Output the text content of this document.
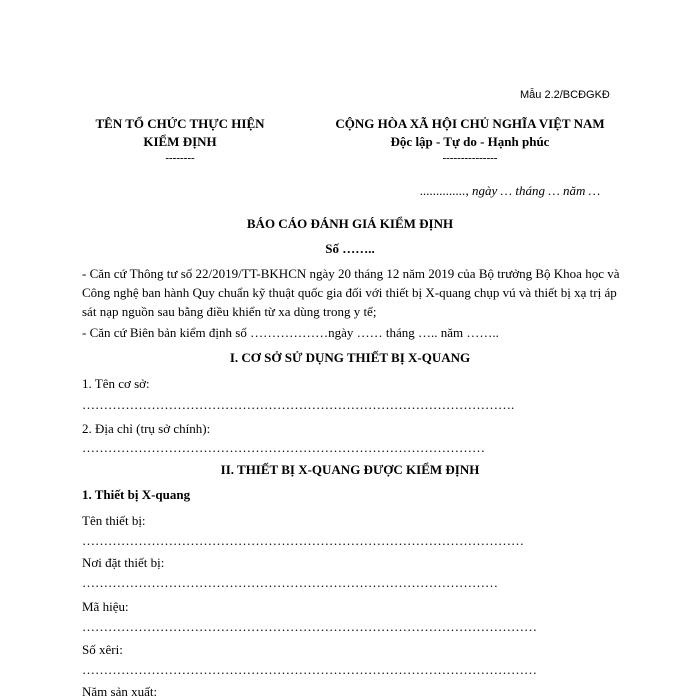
Mẫu 2.2/BCĐGKĐ
TÊN TỔ CHỨC THỰC HIỆN
KIỂM ĐỊNH
--------
CỘNG HÒA XÃ HỘI CHỦ NGHĨA VIỆT NAM
Độc lập - Tự do - Hạnh phúc
---------------
.............., ngày … tháng … năm …
BÁO CÁO ĐÁNH GIÁ KIỂM ĐỊNH
Số ……..
- Căn cứ Thông tư số 22/2019/TT-BKHCN ngày 20 tháng 12 năm 2019 của Bộ trưởng Bộ Khoa học và Công nghệ ban hành Quy chuẩn kỹ thuật quốc gia đối với thiết bị X-quang chụp vú và thiết bị xạ trị áp sát nạp nguồn sau bằng điều khiển từ xa dùng trong y tế;
- Căn cứ Biên bản kiểm định số ………………ngày …… tháng ….. năm ……..
I. CƠ SỞ SỬ DỤNG THIẾT BỊ X-QUANG
1. Tên cơ sở:
……………………………………………………………………………………….
2. Địa chỉ (trụ sở chính):
…………………………………………………………………………………
II. THIẾT BỊ X-QUANG ĐƯỢC KIỂM ĐỊNH
1. Thiết bị X-quang
Tên thiết bị:
…………………………………………………………………………………………
Nơi đặt thiết bị:
……………………………………………………………………………………
Mã hiệu:
……………………………………………………………………………………………
Số xêri:
……………………………………………………………………………………………
Năm sản xuất:
